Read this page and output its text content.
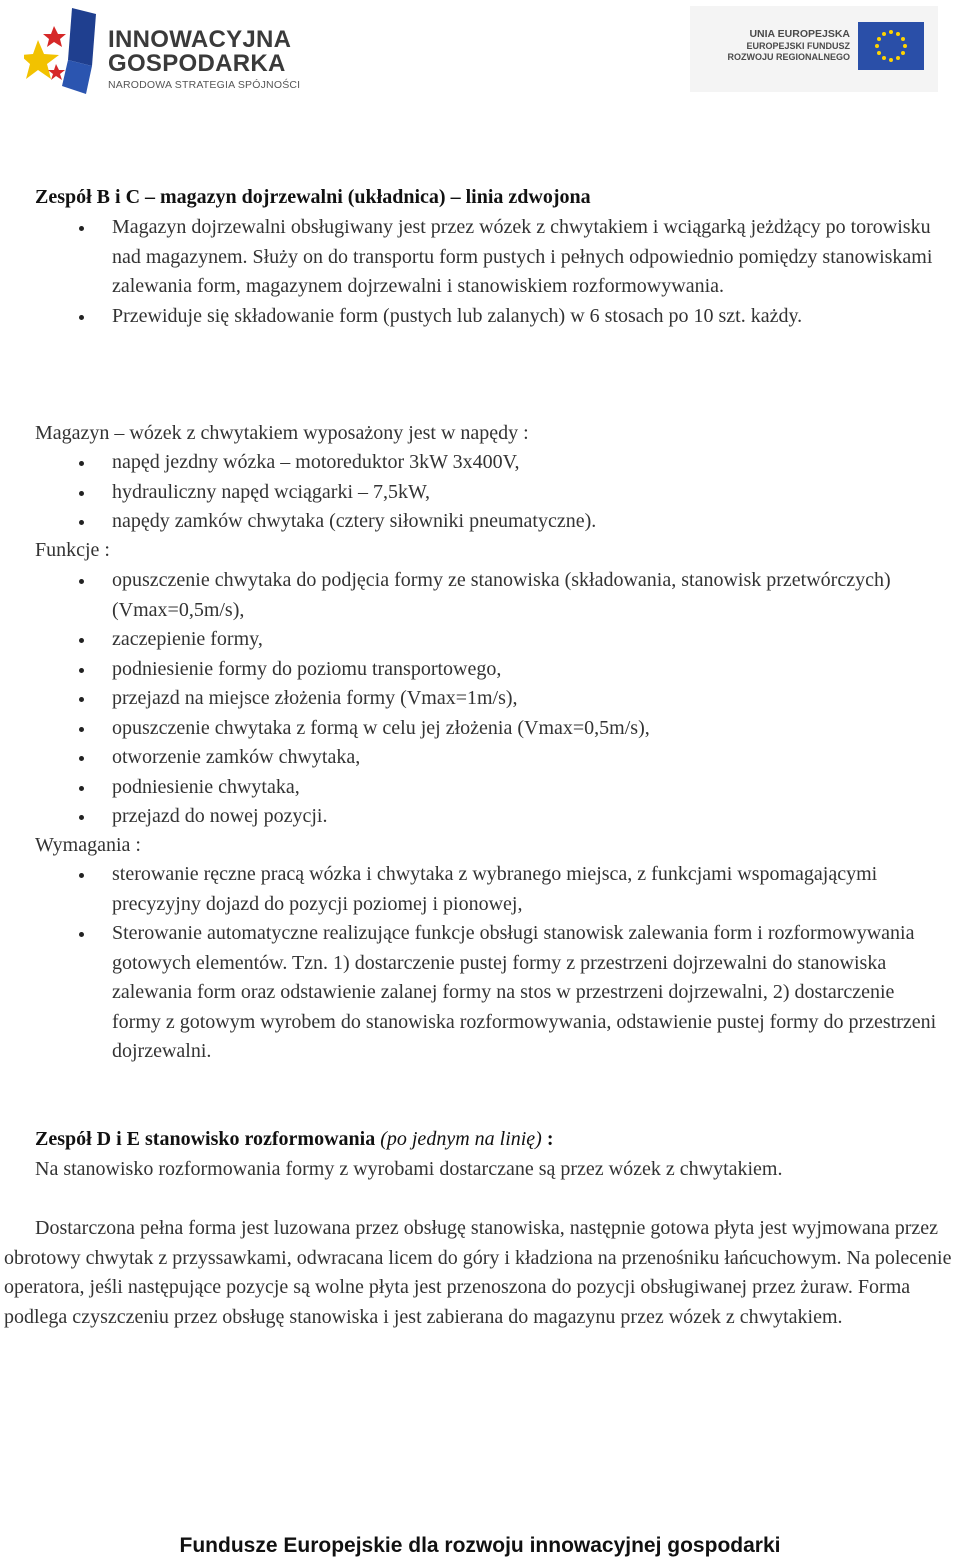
INNOWACYJNA
GOSPODARKA
NARODOWA STRATEGIA SPÓJNOŚCI
UNIA EUROPEJSKA
EUROPEJSKI FUNDUSZ
ROZWOJU REGIONALNEGO
Zespół B i C – magazyn dojrzewalni (układnica) – linia zdwojona
Magazyn dojrzewalni obsługiwany jest przez wózek z chwytakiem i wciągarką jeżdżący po torowisku nad magazynem. Służy on do transportu form pustych i pełnych odpowiednio pomiędzy stanowiskami zalewania form, magazynem dojrzewalni i stanowiskiem rozformowywania.
Przewiduje się składowanie form (pustych lub zalanych) w 6 stosach po 10 szt. każdy.
Magazyn – wózek z chwytakiem wyposażony jest w napędy :
napęd jezdny wózka – motoreduktor 3kW 3x400V,
hydrauliczny napęd wciągarki – 7,5kW,
napędy zamków chwytaka (cztery siłowniki pneumatyczne).
Funkcje :
opuszczenie chwytaka do podjęcia formy ze stanowiska (składowania, stanowisk przetwórczych) (Vmax=0,5m/s),
zaczepienie formy,
podniesienie formy do poziomu transportowego,
przejazd na miejsce złożenia formy (Vmax=1m/s),
opuszczenie chwytaka z formą w celu jej złożenia (Vmax=0,5m/s),
otworzenie zamków chwytaka,
podniesienie chwytaka,
przejazd do nowej pozycji.
Wymagania :
sterowanie ręczne pracą wózka i chwytaka z wybranego miejsca, z funkcjami wspomagającymi precyzyjny dojazd do pozycji poziomej i pionowej,
Sterowanie automatyczne realizujące funkcje obsługi stanowisk zalewania form i rozformowywania gotowych elementów. Tzn. 1) dostarczenie pustej formy z przestrzeni dojrzewalni do stanowiska zalewania form oraz odstawienie zalanej formy na stos w przestrzeni dojrzewalni, 2) dostarczenie formy z gotowym wyrobem do stanowiska rozformowywania, odstawienie pustej formy do przestrzeni dojrzewalni.
Zespół D i E stanowisko rozformowania (po jednym na linię) :
Na stanowisko rozformowania formy z wyrobami dostarczane są przez wózek z chwytakiem.
Dostarczona pełna forma jest luzowana przez obsługę stanowiska, następnie gotowa płyta jest wyjmowana przez obrotowy chwytak z przyssawkami, odwracana licem do góry i kładziona na przenośniku łańcuchowym. Na polecenie operatora, jeśli następujące pozycje są wolne płyta jest przenoszona do pozycji obsługiwanej przez żuraw. Forma podlega czyszczeniu przez obsługę stanowiska i jest zabierana do magazynu przez wózek z chwytakiem.
Fundusze Europejskie dla rozwoju innowacyjnej gospodarki
